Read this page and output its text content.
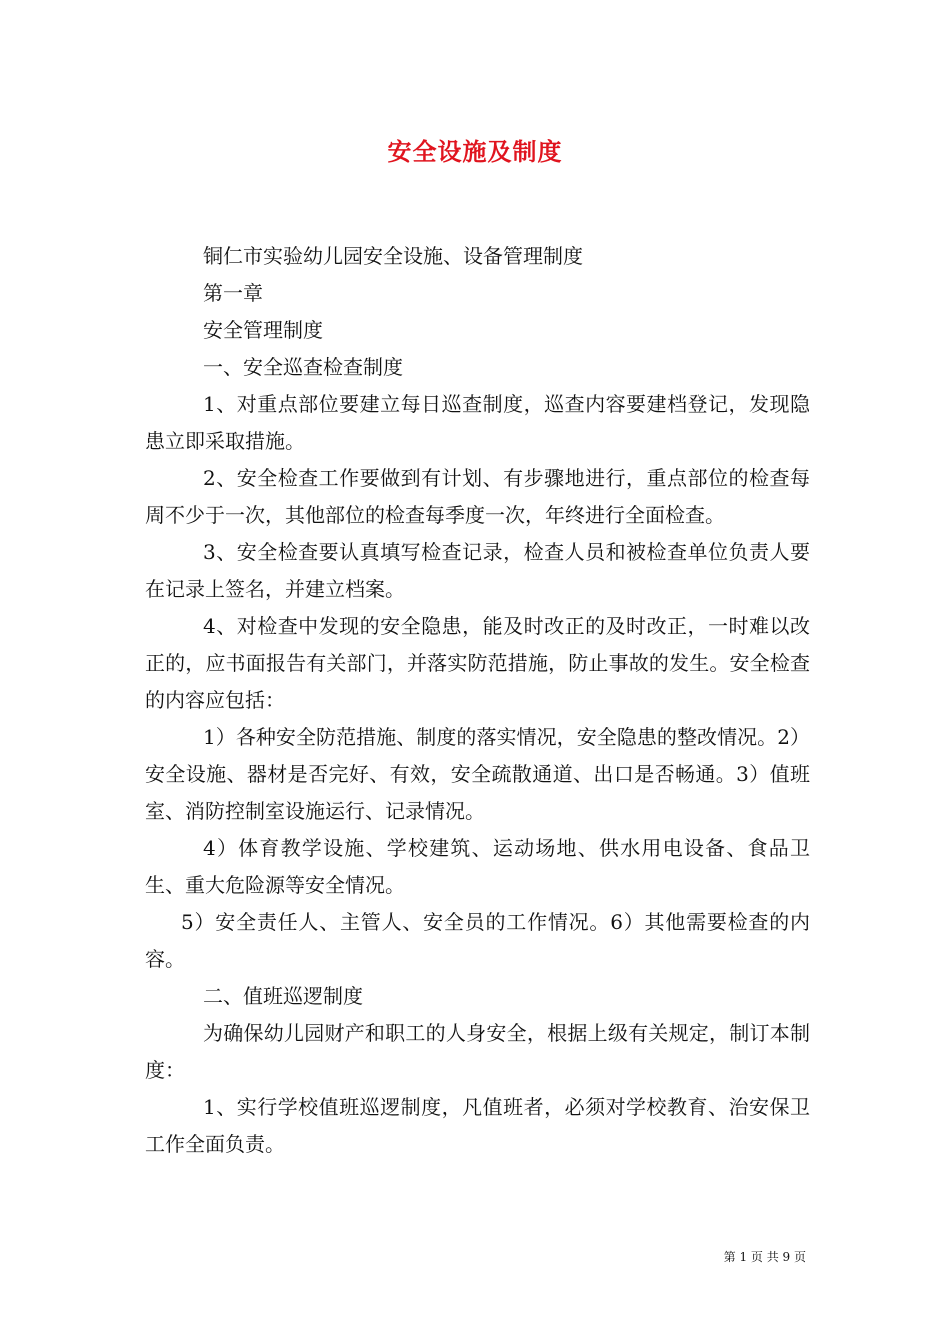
安全设施及制度

铜仁市实验幼儿园安全设施、设备管理制度

第一章

安全管理制度

一、安全巡查检查制度

1、对重点部位要建立每日巡查制度，巡查内容要建档登记，发现隐患立即采取措施。

2、安全检查工作要做到有计划、有步骤地进行，重点部位的检查每周不少于一次，其他部位的检查每季度一次，年终进行全面检查。

3、安全检查要认真填写检查记录，检查人员和被检查单位负责人要在记录上签名，并建立档案。

4、对检查中发现的安全隐患，能及时改正的及时改正，一时难以改正的，应书面报告有关部门，并落实防范措施，防止事故的发生。安全检查的内容应包括：

1）各种安全防范措施、制度的落实情况，安全隐患的整改情况。2）安全设施、器材是否完好、有效，安全疏散通道、出口是否畅通。3）值班室、消防控制室设施运行、记录情况。

4）体育教学设施、学校建筑、运动场地、供水用电设备、食品卫生、重大危险源等安全情况。

5）安全责任人、主管人、安全员的工作情况。6）其他需要检查的内容。

二、值班巡逻制度

为确保幼儿园财产和职工的人身安全，根据上级有关规定，制订本制度：

1、实行学校值班巡逻制度，凡值班者，必须对学校教育、治安保卫工作全面负责。

第 1 页 共 9 页
